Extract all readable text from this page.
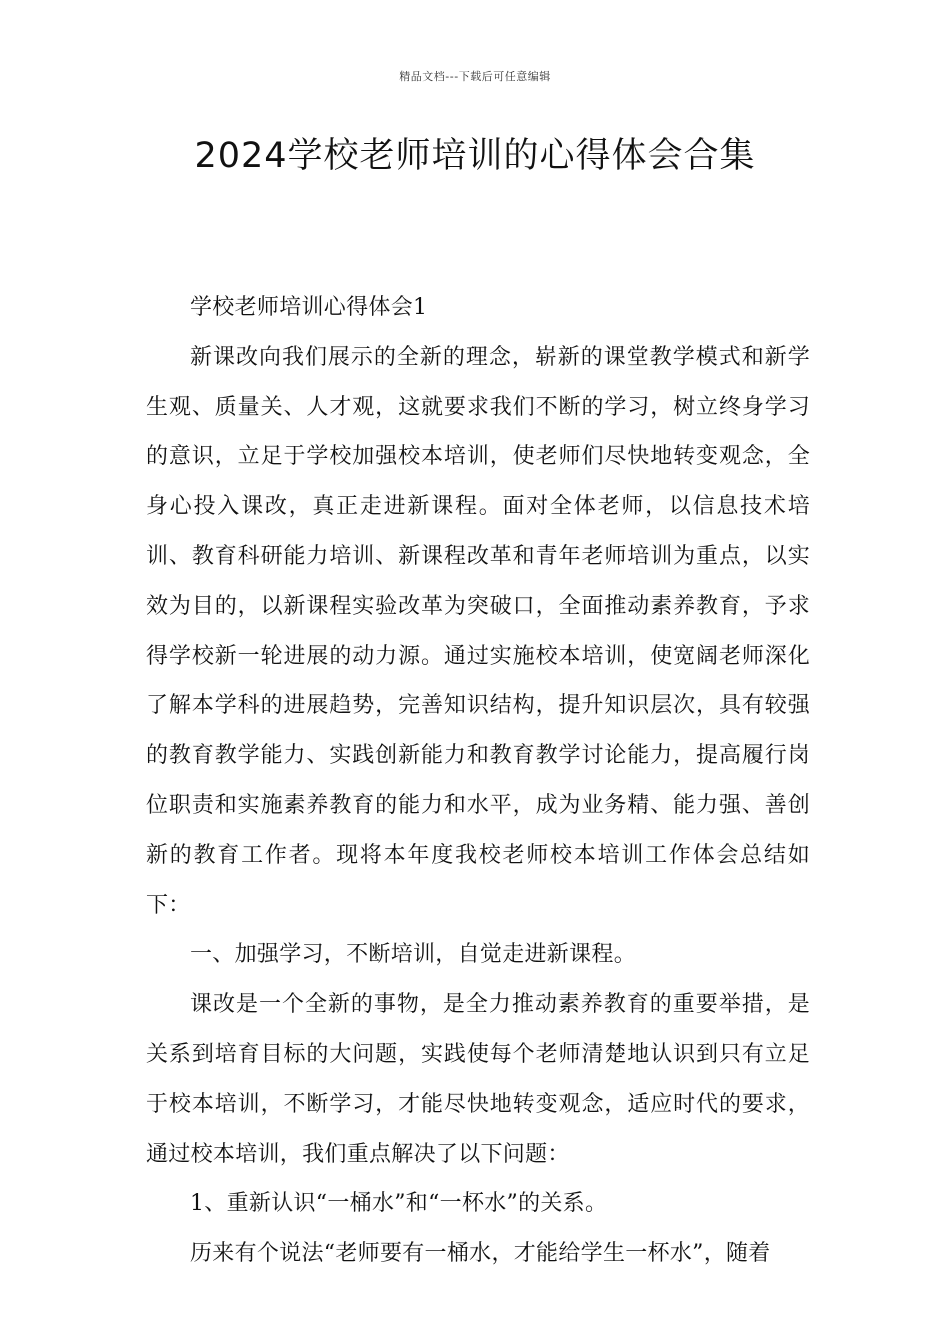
精品文档---下载后可任意编辑
2024学校老师培训的心得体会合集

学校老师培训心得体会1

新课改向我们展示的全新的理念，崭新的课堂教学模式和新学生观、质量关、人才观，这就要求我们不断的学习，树立终身学习的意识，立足于学校加强校本培训，使老师们尽快地转变观念，全身心投入课改，真正走进新课程。面对全体老师，以信息技术培训、教育科研能力培训、新课程改革和青年老师培训为重点，以实效为目的，以新课程实验改革为突破口，全面推动素养教育，予求得学校新一轮进展的动力源。通过实施校本培训，使宽阔老师深化了解本学科的进展趋势，完善知识结构，提升知识层次，具有较强的教育教学能力、实践创新能力和教育教学讨论能力，提高履行岗位职责和实施素养教育的能力和水平，成为业务精、能力强、善创新的教育工作者。现将本年度我校老师校本培训工作体会总结如下：

一、加强学习，不断培训，自觉走进新课程。

课改是一个全新的事物，是全力推动素养教育的重要举措，是关系到培育目标的大问题，实践使每个老师清楚地认识到只有立足于校本培训，不断学习，才能尽快地转变观念，适应时代的要求，通过校本培训，我们重点解决了以下问题：

1、重新认识“一桶水”和“一杯水”的关系。

历来有个说法“老师要有一桶水，才能给学生一杯水”，随着
